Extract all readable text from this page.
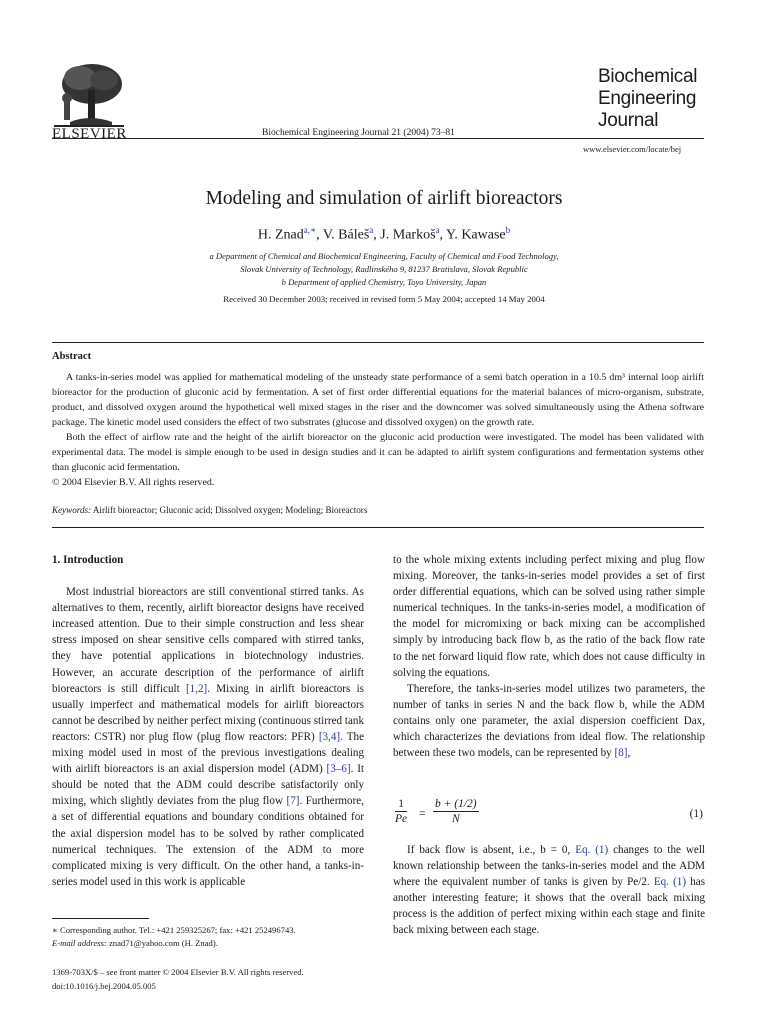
ELSEVIER	Biochemical Engineering Journal 21 (2004) 73–81
Biochemical
Engineering
Journal
www.elsevier.com/locate/bej
Modeling and simulation of airlift bioreactors
H. Znad$^{a,∗}$, V. Báleš$^a$, J. Markoš$^a$, Y. Kawase$^b$
a Department of Chemical and Biochemical Engineering, Faculty of Chemical and Food Technology,
Slovak University of Technology, Radlinského 9, 81237 Bratislava, Slovak Republic
b Department of applied Chemistry, Toyo University, Japan
Received 30 December 2003; received in revised form 5 May 2004; accepted 14 May 2004
Abstract

A tanks-in-series model was applied for mathematical modeling of the unsteady state performance of a semi batch operation in a 10.5 dm³ internal loop airlift bioreactor for the production of gluconic acid by fermentation. A set of first order differential equations for the material balances of micro-organism, substrate, product, and dissolved oxygen around the hypothetical well mixed stages in the riser and the downcomer was solved simultaneously using the Athena software package. The kinetic model used considers the effect of two substrates (glucose and dissolved oxygen) on the growth rate.

Both the effect of airflow rate and the height of the airlift bioreactor on the gluconic acid production were investigated. The model has been validated with experimental data. The model is simple enough to be used in design studies and it can be adapted to airlift system configurations and fermentation systems other than gluconic acid fermentation.

© 2004 Elsevier B.V. All rights reserved.

Keywords: Airlift bioreactor; Gluconic acid; Dissolved oxygen; Modeling; Bioreactors

1. Introduction

Most industrial bioreactors are still conventional stirred tanks. As alternatives to them, recently, airlift bioreactor designs have received increased attention. Due to their simple construction and less shear stress imposed on shear sensitive cells compared with stirred tanks, they have potential applications in biotechnology industries. However, an accurate description of the performance of airlift bioreactors is still difficult [1,2]. Mixing in airlift bioreactors is usually imperfect and mathematical models for airlift bioreactors cannot be described by neither perfect mixing (continuous stirred tank reactors: CSTR) nor plug flow (plug flow reactors: PFR) [3,4]. The mixing model used in most of the previous investigations dealing with airlift bioreactors is an axial dispersion model (ADM) [3–6]. It should be noted that the ADM could describe satisfactorily only mixing, which slightly deviates from the plug flow [7]. Furthermore, a set of differential equations and boundary conditions obtained for the axial dispersion model has to be solved by rather complicated numerical techniques. The extension of the ADM to more complicated mixing is very difficult. On the other hand, a tanks-in-series model used in this work is applicable

to the whole mixing extents including perfect mixing and plug flow mixing. Moreover, the tanks-in-series model provides a set of first order differential equations, which can be solved using rather simple numerical techniques. In the tanks-in-series model, a modification of the model for micromixing or back mixing can be accomplished simply by introducing back flow b, as the ratio of the back flow rate to the net forward liquid flow rate, which does not cause difficulty in solving the equations.

Therefore, the tanks-in-series model utilizes two parameters, the number of tanks in series N and the back flow b, while the ADM contains only one parameter, the axial dispersion coefficient Dax, which characterizes the deviations from ideal flow. The relationship between these two models, can be represented by [8],

$\frac{1}{Pe} = \frac{b + (1/2)}{N}$	(1)

If back flow is absent, i.e., b = 0, Eq. (1) changes to the well known relationship between the tanks-in-series model and the ADM where the equivalent number of tanks is given by Pe/2. Eq. (1) has another interesting feature; it shows that the overall back mixing process is the addition of perfect mixing within each stage and finite back mixing between each stage.

∗ Corresponding author. Tel.: +421 259325267; fax: +421 252496743.
E-mail address: znad71@yahoo.com (H. Znad).
1369-703X/$ – see front matter © 2004 Elsevier B.V. All rights reserved.
doi:10.1016/j.bej.2004.05.005
